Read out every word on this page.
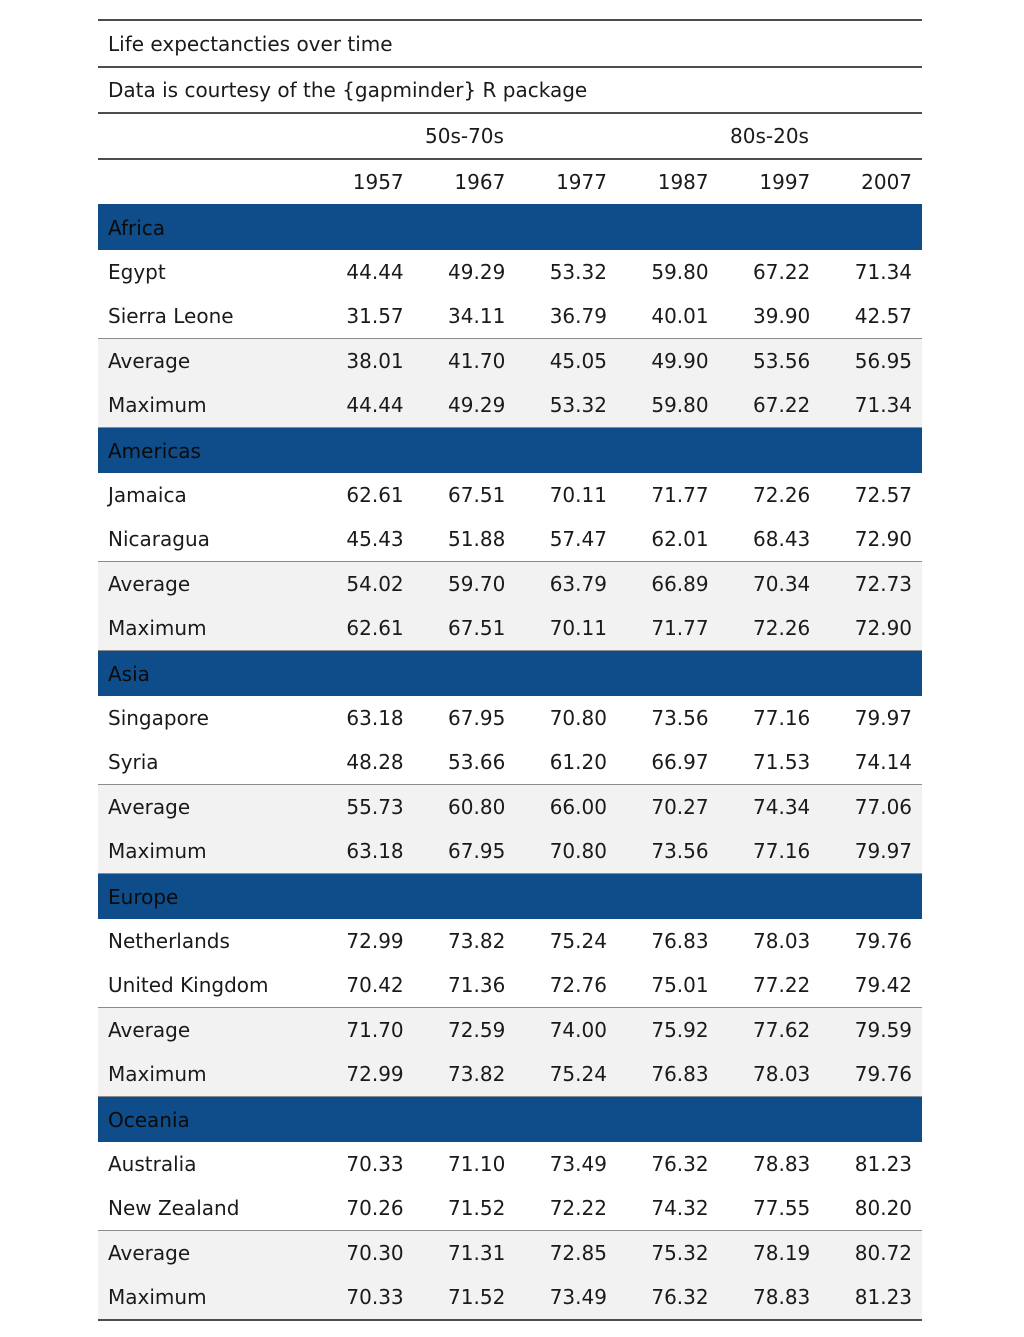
Life expectancties over time						
Data is courtesy of the {gapminder} R package						
	50s-70s			80s-20s		
	1957	1967	1977	1987	1997	2007
Africa						
Egypt	44.44	49.29	53.32	59.80	67.22	71.34
Sierra Leone	31.57	34.11	36.79	40.01	39.90	42.57
Average	38.01	41.70	45.05	49.90	53.56	56.95
Maximum	44.44	49.29	53.32	59.80	67.22	71.34
Americas						
Jamaica	62.61	67.51	70.11	71.77	72.26	72.57
Nicaragua	45.43	51.88	57.47	62.01	68.43	72.90
Average	54.02	59.70	63.79	66.89	70.34	72.73
Maximum	62.61	67.51	70.11	71.77	72.26	72.90
Asia						
Singapore	63.18	67.95	70.80	73.56	77.16	79.97
Syria	48.28	53.66	61.20	66.97	71.53	74.14
Average	55.73	60.80	66.00	70.27	74.34	77.06
Maximum	63.18	67.95	70.80	73.56	77.16	79.97
Europe						
Netherlands	72.99	73.82	75.24	76.83	78.03	79.76
United Kingdom	70.42	71.36	72.76	75.01	77.22	79.42
Average	71.70	72.59	74.00	75.92	77.62	79.59
Maximum	72.99	73.82	75.24	76.83	78.03	79.76
Oceania						
Australia	70.33	71.10	73.49	76.32	78.83	81.23
New Zealand	70.26	71.52	72.22	74.32	77.55	80.20
Average	70.30	71.31	72.85	75.32	78.19	80.72
Maximum	70.33	71.52	73.49	76.32	78.83	81.23
